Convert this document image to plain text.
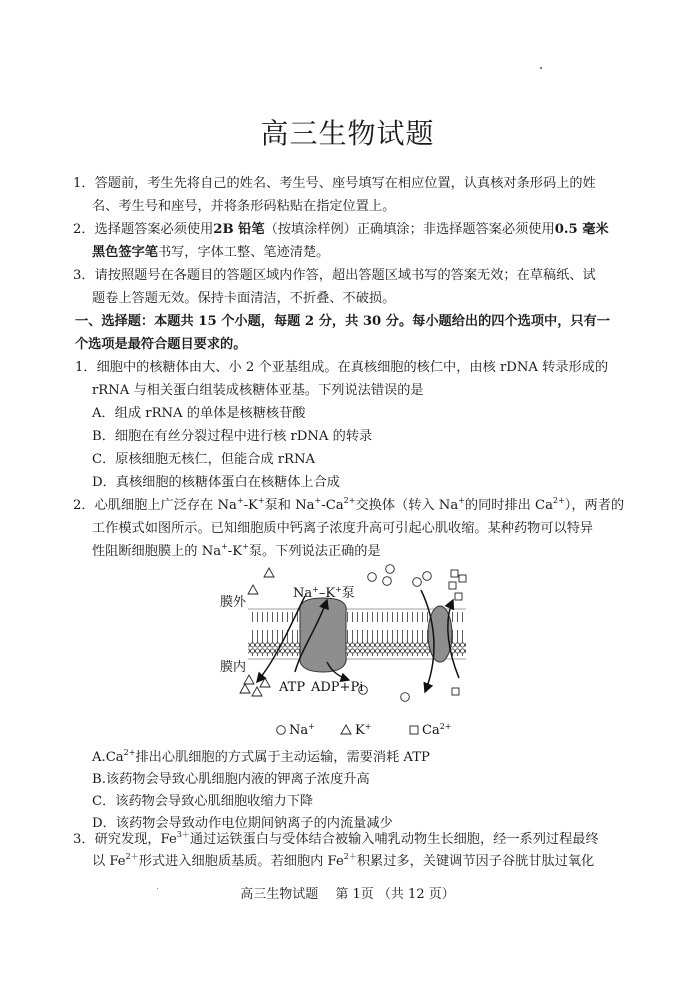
高三生物试题
1．答题前，考生先将自己的姓名、考生号、座号填写在相应位置，认真核对条形码上的姓
名、考生号和座号，并将条形码粘贴在指定位置上。
2．选择题答案必须使用2B 铅笔（按填涂样例）正确填涂；非选择题答案必须使用0.5 毫米
黑色签字笔书写，字体工整、笔迹清楚。
3．请按照题号在各题目的答题区域内作答，超出答题区域书写的答案无效；在草稿纸、试
题卷上答题无效。保持卡面清洁，不折叠、不破损。
一、选择题：本题共 15 个小题，每题 2 分，共 30 分。每小题给出的四个选项中，只有一
个选项是最符合题目要求的。
1．细胞中的核糖体由大、小 2 个亚基组成。在真核细胞的核仁中，由核 rDNA 转录形成的
rRNA 与相关蛋白组装成核糖体亚基。下列说法错误的是
A．组成 rRNA 的单体是核糖核苷酸
B．细胞在有丝分裂过程中进行核 rDNA 的转录
C．原核细胞无核仁，但能合成 rRNA
D．真核细胞的核糖体蛋白在核糖体上合成
2．心肌细胞上广泛存在 Na+-K+泵和 $Na^+-Ca^{2+}$交换体（转入 Na+的同时排出 $Ca^{2+}$），两者的
工作模式如图所示。已知细胞质中钙离子浓度升高可引起心肌收缩。某种药物可以特异
性阻断细胞膜上的 Na+-K+泵。下列说法正确的是
膜外
膜内
Na+–K+泵
ATP ADP+Pi
Na+	K+	$Ca^{2+}$
$A.Ca^{2+}$排出心肌细胞的方式属于主动运输，需要消耗 ATP
B.该药物会导致心肌细胞内液的钾离子浓度升高
C．该药物会导致心肌细胞收缩力下降
D．该药物会导致动作电位期间钠离子的内流量减少
3．研究发现，$Fe^{3+}$通过运铁蛋白与受体结合被输入哺乳动物生长细胞，经一系列过程最终
以 $Fe^{2+}$形式进入细胞质基质。若细胞内 $Fe^{2+}$积累过多，关键调节因子谷胱甘肽过氧化
高三生物试题　 第 1页 （共 12 页）
